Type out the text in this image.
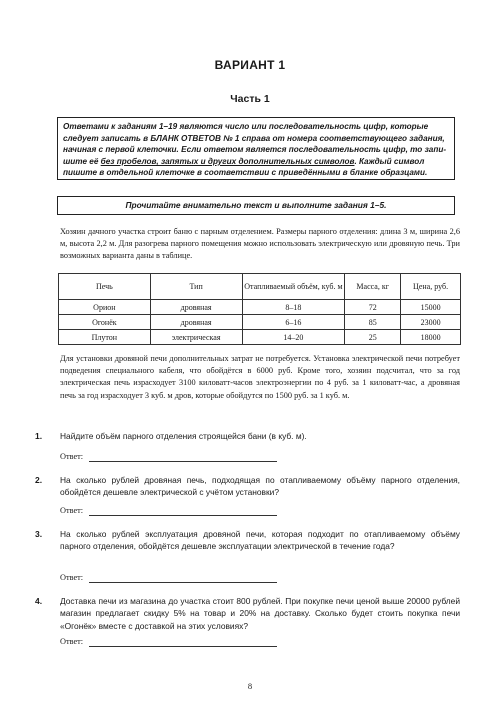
ВАРИАНТ 1
Часть 1
Ответами к заданиям 1–19 являются число или последовательность цифр, которые
следует записать в БЛАНК ОТВЕТОВ № 1 справа от номера соответствующего задания,
начиная с первой клеточки. Если ответом является последовательность цифр, то запи-
шите её без пробелов, запятых и других дополнительных символов. Каждый символ
пишите в отдельной клеточке в соответствии с приведёнными в бланке образцами.
Прочитайте внимательно текст и выполните задания 1–5.
Хозяин дачного участка строит баню с парным отделением. Размеры парного отделения: длина 3 м, ширина 2,6 м, высота 2,2 м. Для разогрева парного помещения можно использовать электрическую или дровяную печь. Три возможных варианта даны в таблице.
Печь	Тип	Отапливаемый объём, куб. м	Масса, кг	Цена, руб.
Орион	дровяная	8–18	72	15000
Огонёк	дровяная	6–16	85	23000
Плутон	электрическая	14–20	25	18000
Для установки дровяной печи дополнительных затрат не потребуется. Установка электрической печи потребует подведения специального кабеля, что обойдётся в 6000 руб. Кроме того, хозяин подсчитал, что за год электрическая печь израсходует 3100 киловатт-часов электроэнергии по 4 руб. за 1 киловатт-час, а дровяная печь за год израсходует 3 куб. м дров, которые обойдутся по 1500 руб. за 1 куб. м.
1. Найдите объём парного отделения строящейся бани (в куб. м).
Ответ:
2. На сколько рублей дровяная печь, подходящая по отапливаемому объёму парного отделения, обойдётся дешевле электрической с учётом установки?
Ответ:
3. На сколько рублей эксплуатация дровяной печи, которая подходит по отапливаемому объёму парного отделения, обойдётся дешевле эксплуатации электрической в течение года?
Ответ:
4. Доставка печи из магазина до участка стоит 800 рублей. При покупке печи ценой выше 20000 рублей магазин предлагает скидку 5% на товар и 20% на доставку. Сколько будет стоить покупка печи «Огонёк» вместе с доставкой на этих условиях?
Ответ:
8
